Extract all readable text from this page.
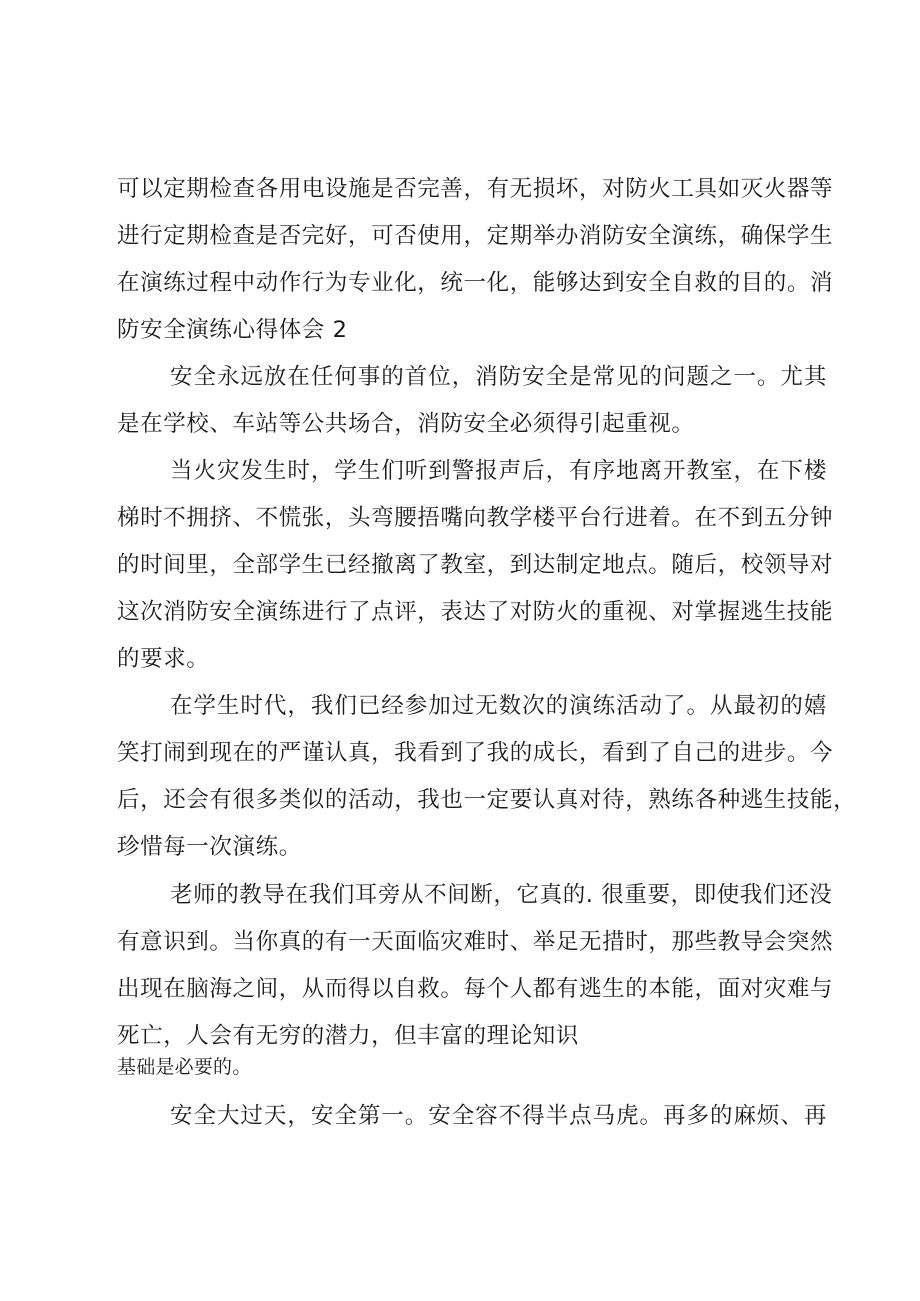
可以定期检查各用电设施是否完善，有无损坏，对防火工具如灭火器等
进行定期检查是否完好，可否使用，定期举办消防安全演练，确保学生
在演练过程中动作行为专业化，统一化，能够达到安全自救的目的。消
防安全演练心得体会 2
安全永远放在任何事的首位，消防安全是常见的问题之一。尤其
是在学校、车站等公共场合，消防安全必须得引起重视。
当火灾发生时，学生们听到警报声后，有序地离开教室，在下楼
梯时不拥挤、不慌张，头弯腰捂嘴向教学楼平台行进着。在不到五分钟
的时间里，全部学生已经撤离了教室，到达制定地点。随后，校领导对
这次消防安全演练进行了点评，表达了对防火的重视、对掌握逃生技能
的要求。
在学生时代，我们已经参加过无数次的演练活动了。从最初的嬉
笑打闹到现在的严谨认真，我看到了我的成长，看到了自己的进步。今
后，还会有很多类似的活动，我也一定要认真对待，熟练各种逃生技能，
珍惜每一次演练。
老师的教导在我们耳旁从不间断，它真的. 很重要，即使我们还没
有意识到。当你真的有一天面临灾难时、举足无措时，那些教导会突然
出现在脑海之间，从而得以自救。每个人都有逃生的本能，面对灾难与
死亡，人会有无穷的潜力，但丰富的理论知识
基础是必要的。
安全大过天，安全第一。安全容不得半点马虎。再多的麻烦、再
